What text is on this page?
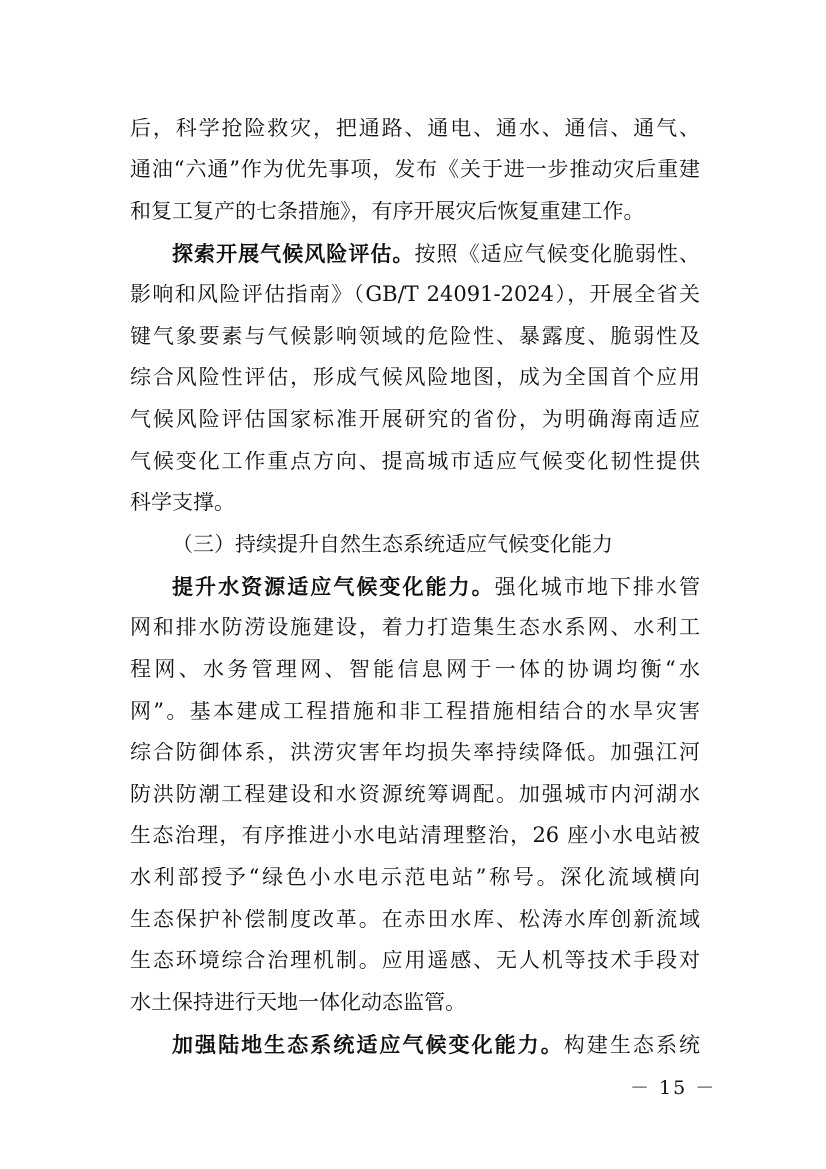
后，科学抢险救灾，把通路、通电、通水、通信、通气、
通油“六通”作为优先事项，发布《关于进一步推动灾后重建
和复工复产的七条措施》，有序开展灾后恢复重建工作。
探索开展气候风险评估。按照《适应气候变化脆弱性、
影响和风险评估指南》（GB/T 24091-2024），开展全省关
键气象要素与气候影响领域的危险性、暴露度、脆弱性及
综合风险性评估，形成气候风险地图，成为全国首个应用
气候风险评估国家标准开展研究的省份，为明确海南适应
气候变化工作重点方向、提高城市适应气候变化韧性提供
科学支撑。
（三）持续提升自然生态系统适应气候变化能力
提升水资源适应气候变化能力。强化城市地下排水管
网和排水防涝设施建设，着力打造集生态水系网、水利工
程网、水务管理网、智能信息网于一体的协调均衡“水
网”。基本建成工程措施和非工程措施相结合的水旱灾害
综合防御体系，洪涝灾害年均损失率持续降低。加强江河
防洪防潮工程建设和水资源统筹调配。加强城市内河湖水
生态治理，有序推进小水电站清理整治，26 座小水电站被
水利部授予“绿色小水电示范电站”称号。深化流域横向
生态保护补偿制度改革。在赤田水库、松涛水库创新流域
生态环境综合治理机制。应用遥感、无人机等技术手段对
水土保持进行天地一体化动态监管。
加强陆地生态系统适应气候变化能力。构建生态系统
－ 15 －
